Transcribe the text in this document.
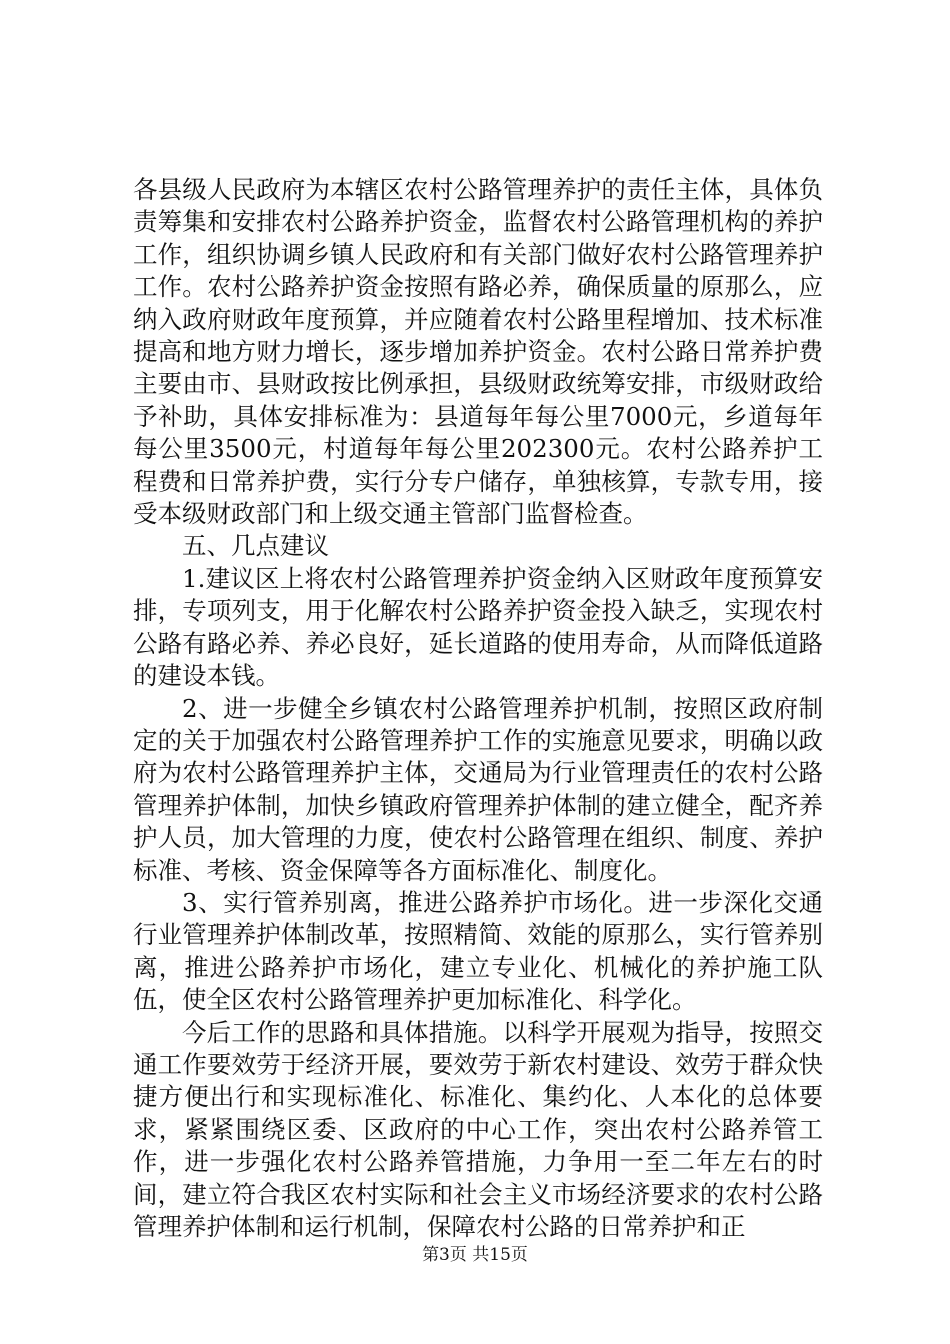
各县级人民政府为本辖区农村公路管理养护的责任主体，具体负责筹集和安排农村公路养护资金，监督农村公路管理机构的养护工作，组织协调乡镇人民政府和有关部门做好农村公路管理养护工作。农村公路养护资金按照有路必养，确保质量的原那么，应纳入政府财政年度预算，并应随着农村公路里程增加、技术标准提高和地方财力增长，逐步增加养护资金。农村公路日常养护费主要由市、县财政按比例承担，县级财政统筹安排，市级财政给予补助，具体安排标准为：县道每年每公里7000元，乡道每年每公里3500元，村道每年每公里202300元。农村公路养护工程费和日常养护费，实行分专户储存，单独核算，专款专用，接受本级财政部门和上级交通主管部门监督检查。

五、几点建议

1.建议区上将农村公路管理养护资金纳入区财政年度预算安排，专项列支，用于化解农村公路养护资金投入缺乏，实现农村公路有路必养、养必良好，延长道路的使用寿命，从而降低道路的建设本钱。

2、进一步健全乡镇农村公路管理养护机制，按照区政府制定的关于加强农村公路管理养护工作的实施意见要求，明确以政府为农村公路管理养护主体，交通局为行业管理责任的农村公路管理养护体制，加快乡镇政府管理养护体制的建立健全，配齐养护人员，加大管理的力度，使农村公路管理在组织、制度、养护标准、考核、资金保障等各方面标准化、制度化。

3、实行管养别离，推进公路养护市场化。进一步深化交通行业管理养护体制改革，按照精简、效能的原那么，实行管养别离，推进公路养护市场化，建立专业化、机械化的养护施工队伍，使全区农村公路管理养护更加标准化、科学化。

今后工作的思路和具体措施。以科学开展观为指导，按照交通工作要效劳于经济开展，要效劳于新农村建设、效劳于群众快捷方便出行和实现标准化、标准化、集约化、人本化的总体要求，紧紧围绕区委、区政府的中心工作，突出农村公路养管工作，进一步强化农村公路养管措施，力争用一至二年左右的时间，建立符合我区农村实际和社会主义市场经济要求的农村公路管理养护体制和运行机制，保障农村公路的日常养护和正

第3页 共15页
